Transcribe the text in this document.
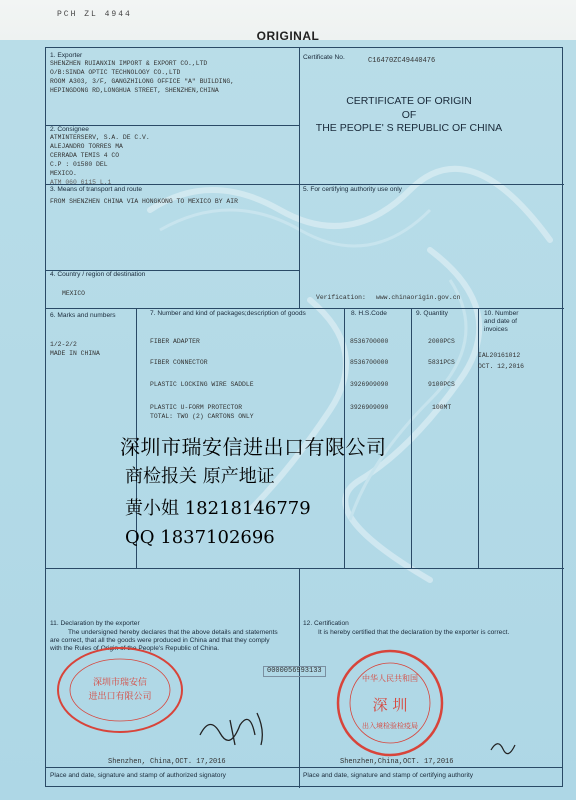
PCH ZL 4944
ORIGINAL
1. Exporter
SHENZHEN RUIANXIN IMPORT & EXPORT CO.,LTD
O/B:SINDA OPTIC TECHNOLOGY CO.,LTD
ROOM A303, 3/F, GANGZHILONG OFFICE "A" BUILDING,
HEPINGDONG RD,LONGHUA STREET, SHENZHEN,CHINA
Certificate No.	C16470ZC49440476
CERTIFICATE OF ORIGIN
OF
THE PEOPLE' S REPUBLIC OF CHINA
2. Consignee
ATMINTERSERV, S.A. DE C.V.
ALEJANDRO TORRES MA
CERRADA TEMIS 4 CO
C.P : 01580 DEL
MEXICO.
ATM 060 6115 L.1
3. Means of transport and route
FROM SHENZHEN CHINA VIA HONGKONG TO MEXICO BY AIR
5. For certifying authority use only
4. Country / region of destination
MEXICO
Verification: www.chinaorigin.gov.cn
6. Marks and numbers	7. Number and kind of packages;description of goods	8. H.S.Code	9. Quantity	10. Number
and date of
invoices
1/2-2/2
MADE IN CHINA
FIBER ADAPTER	8536700000	2000PCS
FIBER CONNECTOR	8536700000	5831PCS
PLASTIC LOCKING WIRE SADDLE	3926909090	9100PCS
PLASTIC U-FORM PROTECTOR	3926909090	100MT
TOTAL: TWO (2) CARTONS ONLY
IAL20161012
OCT. 12,2016
深圳市瑞安信进出口有限公司
商检报关 原产地证
黄小姐 18218146779
QQ 1837102696
11. Declaration by the exporter
The undersigned hereby declares that the above details and statements
are correct, that all the goods were produced in China and that they comply
with the Rules of Origin of the People's Republic of China.
12. Certification
It is hereby certified that the declaration by the exporter is correct.
0000056993133
深圳市瑞安信
进出口有限公司
中华人民共和国
深 圳
出入境检验检疫局
Shenzhen, China,OCT. 17,2016	Shenzhen,China,OCT. 17,2016
Place and date, signature and stamp of authorized signatory	Place and date, signature and stamp of certifying authority
